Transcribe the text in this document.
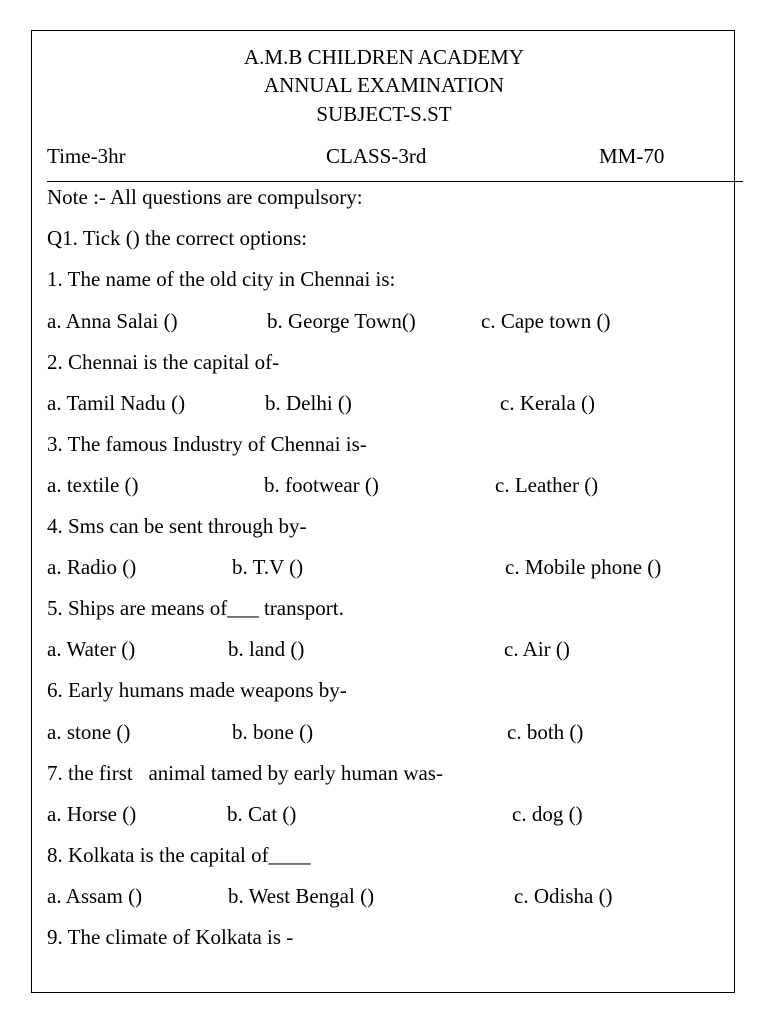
A.M.B CHILDREN ACADEMY
ANNUAL EXAMINATION
SUBJECT-S.ST
Time-3hr	CLASS-3rd	MM-70
Note :- All questions are compulsory:
Q1. Tick () the correct options:
1. The name of the old city in Chennai is:
a. Anna Salai ()	b. George Town()	c. Cape town ()
2. Chennai is the capital of-
a. Tamil Nadu ()	b. Delhi ()	c. Kerala ()
3. The famous Industry of Chennai is-
a. textile ()	b. footwear ()	c. Leather ()
4. Sms can be sent through by-
a. Radio ()	b. T.V ()	c. Mobile phone ()
5. Ships are means of___ transport.
a. Water ()	b. land ()	c. Air ()
6. Early humans made weapons by-
a. stone ()	b. bone ()	c. both ()
7. the first   animal tamed by early human was-
a. Horse ()	b. Cat ()	c. dog ()
8. Kolkata is the capital of____
a. Assam ()	b. West Bengal ()	c. Odisha ()
9. The climate of Kolkata is -
